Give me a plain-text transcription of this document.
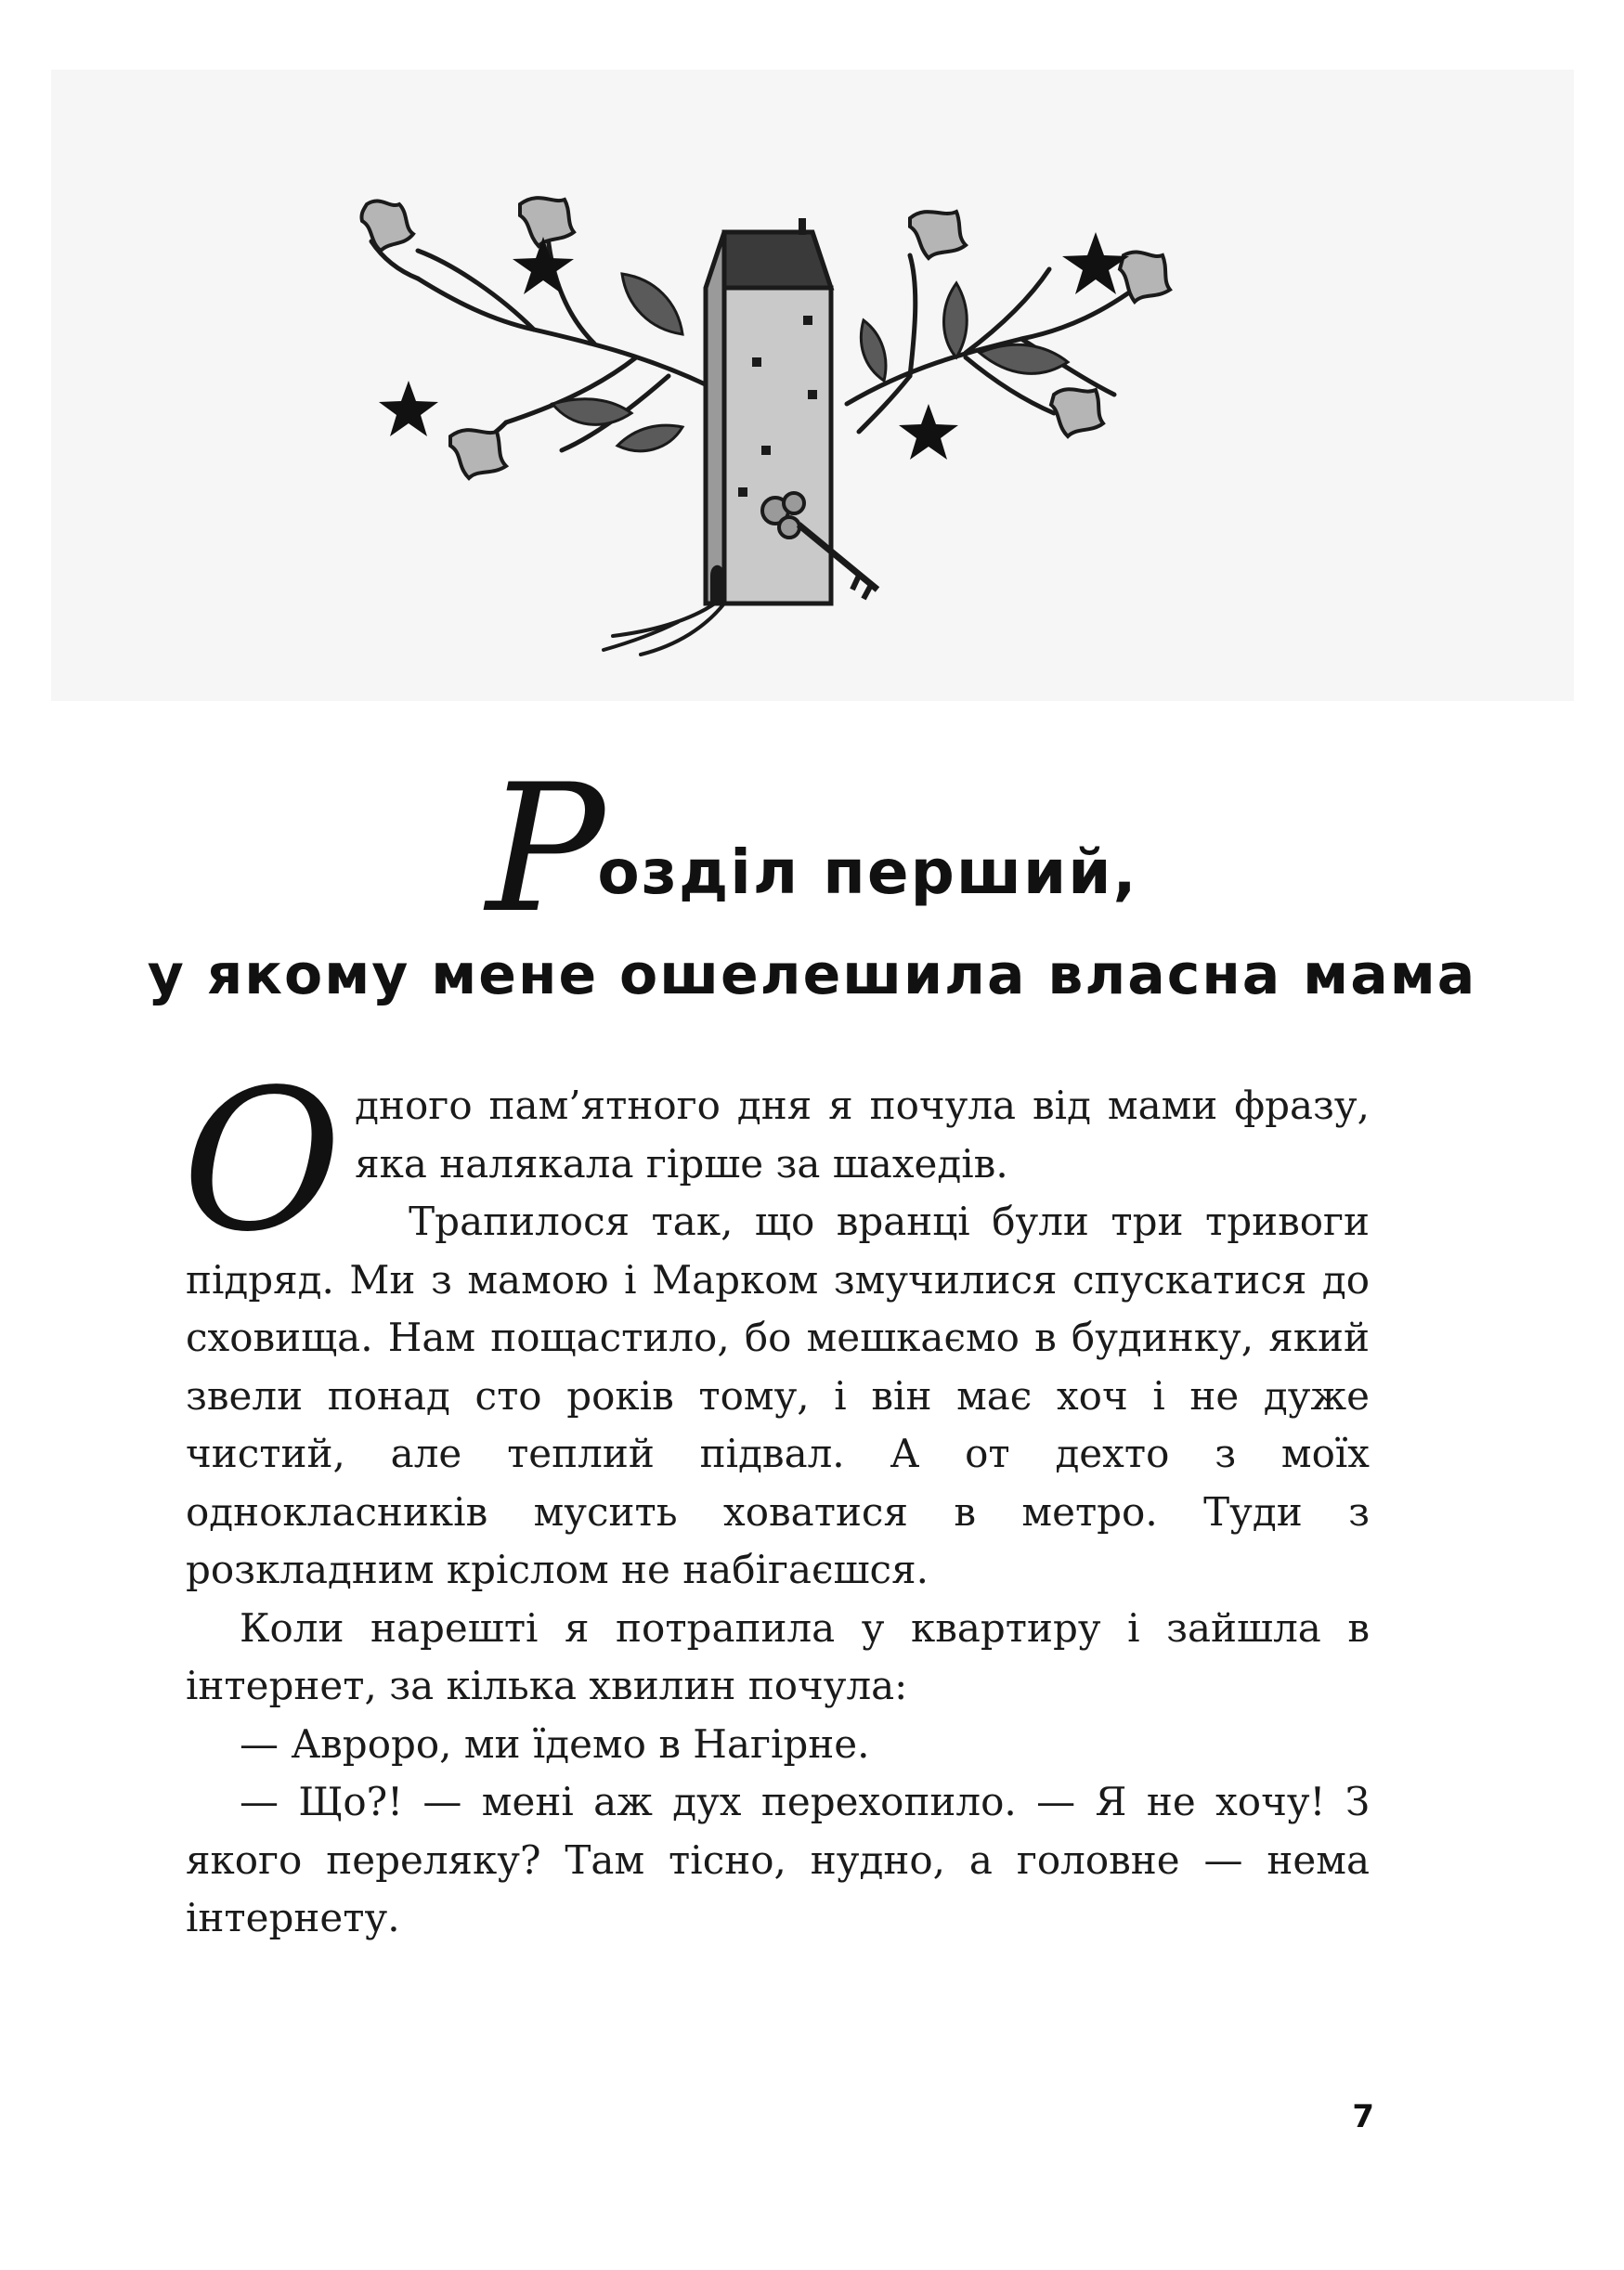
Розділ перший,
у якому мене ошелешила власна мама

Одного пам’ятного дня я почула від мами фразу, яка налякала гірше за шахедів.

Трапилося так, що вранці були три тривоги підряд. Ми з мамою і Марком змучилися спускатися до сховища. Нам пощастило, бо мешкаємо в будинку, який звели понад сто років тому, і він має хоч і не дуже чистий, але теплий підвал. А от дехто з моїх однокласників мусить ховатися в метро. Туди з розкладним кріслом не набігаєшся.

Коли нарешті я потрапила у квартиру і зайшла в інтернет, за кілька хвилин почула:

— Авроро, ми їдемо в Нагірне.

— Що?! — мені аж дух перехопило. — Я не хочу! З якого переляку? Там тісно, нудно, а головне — нема інтернету.

7
